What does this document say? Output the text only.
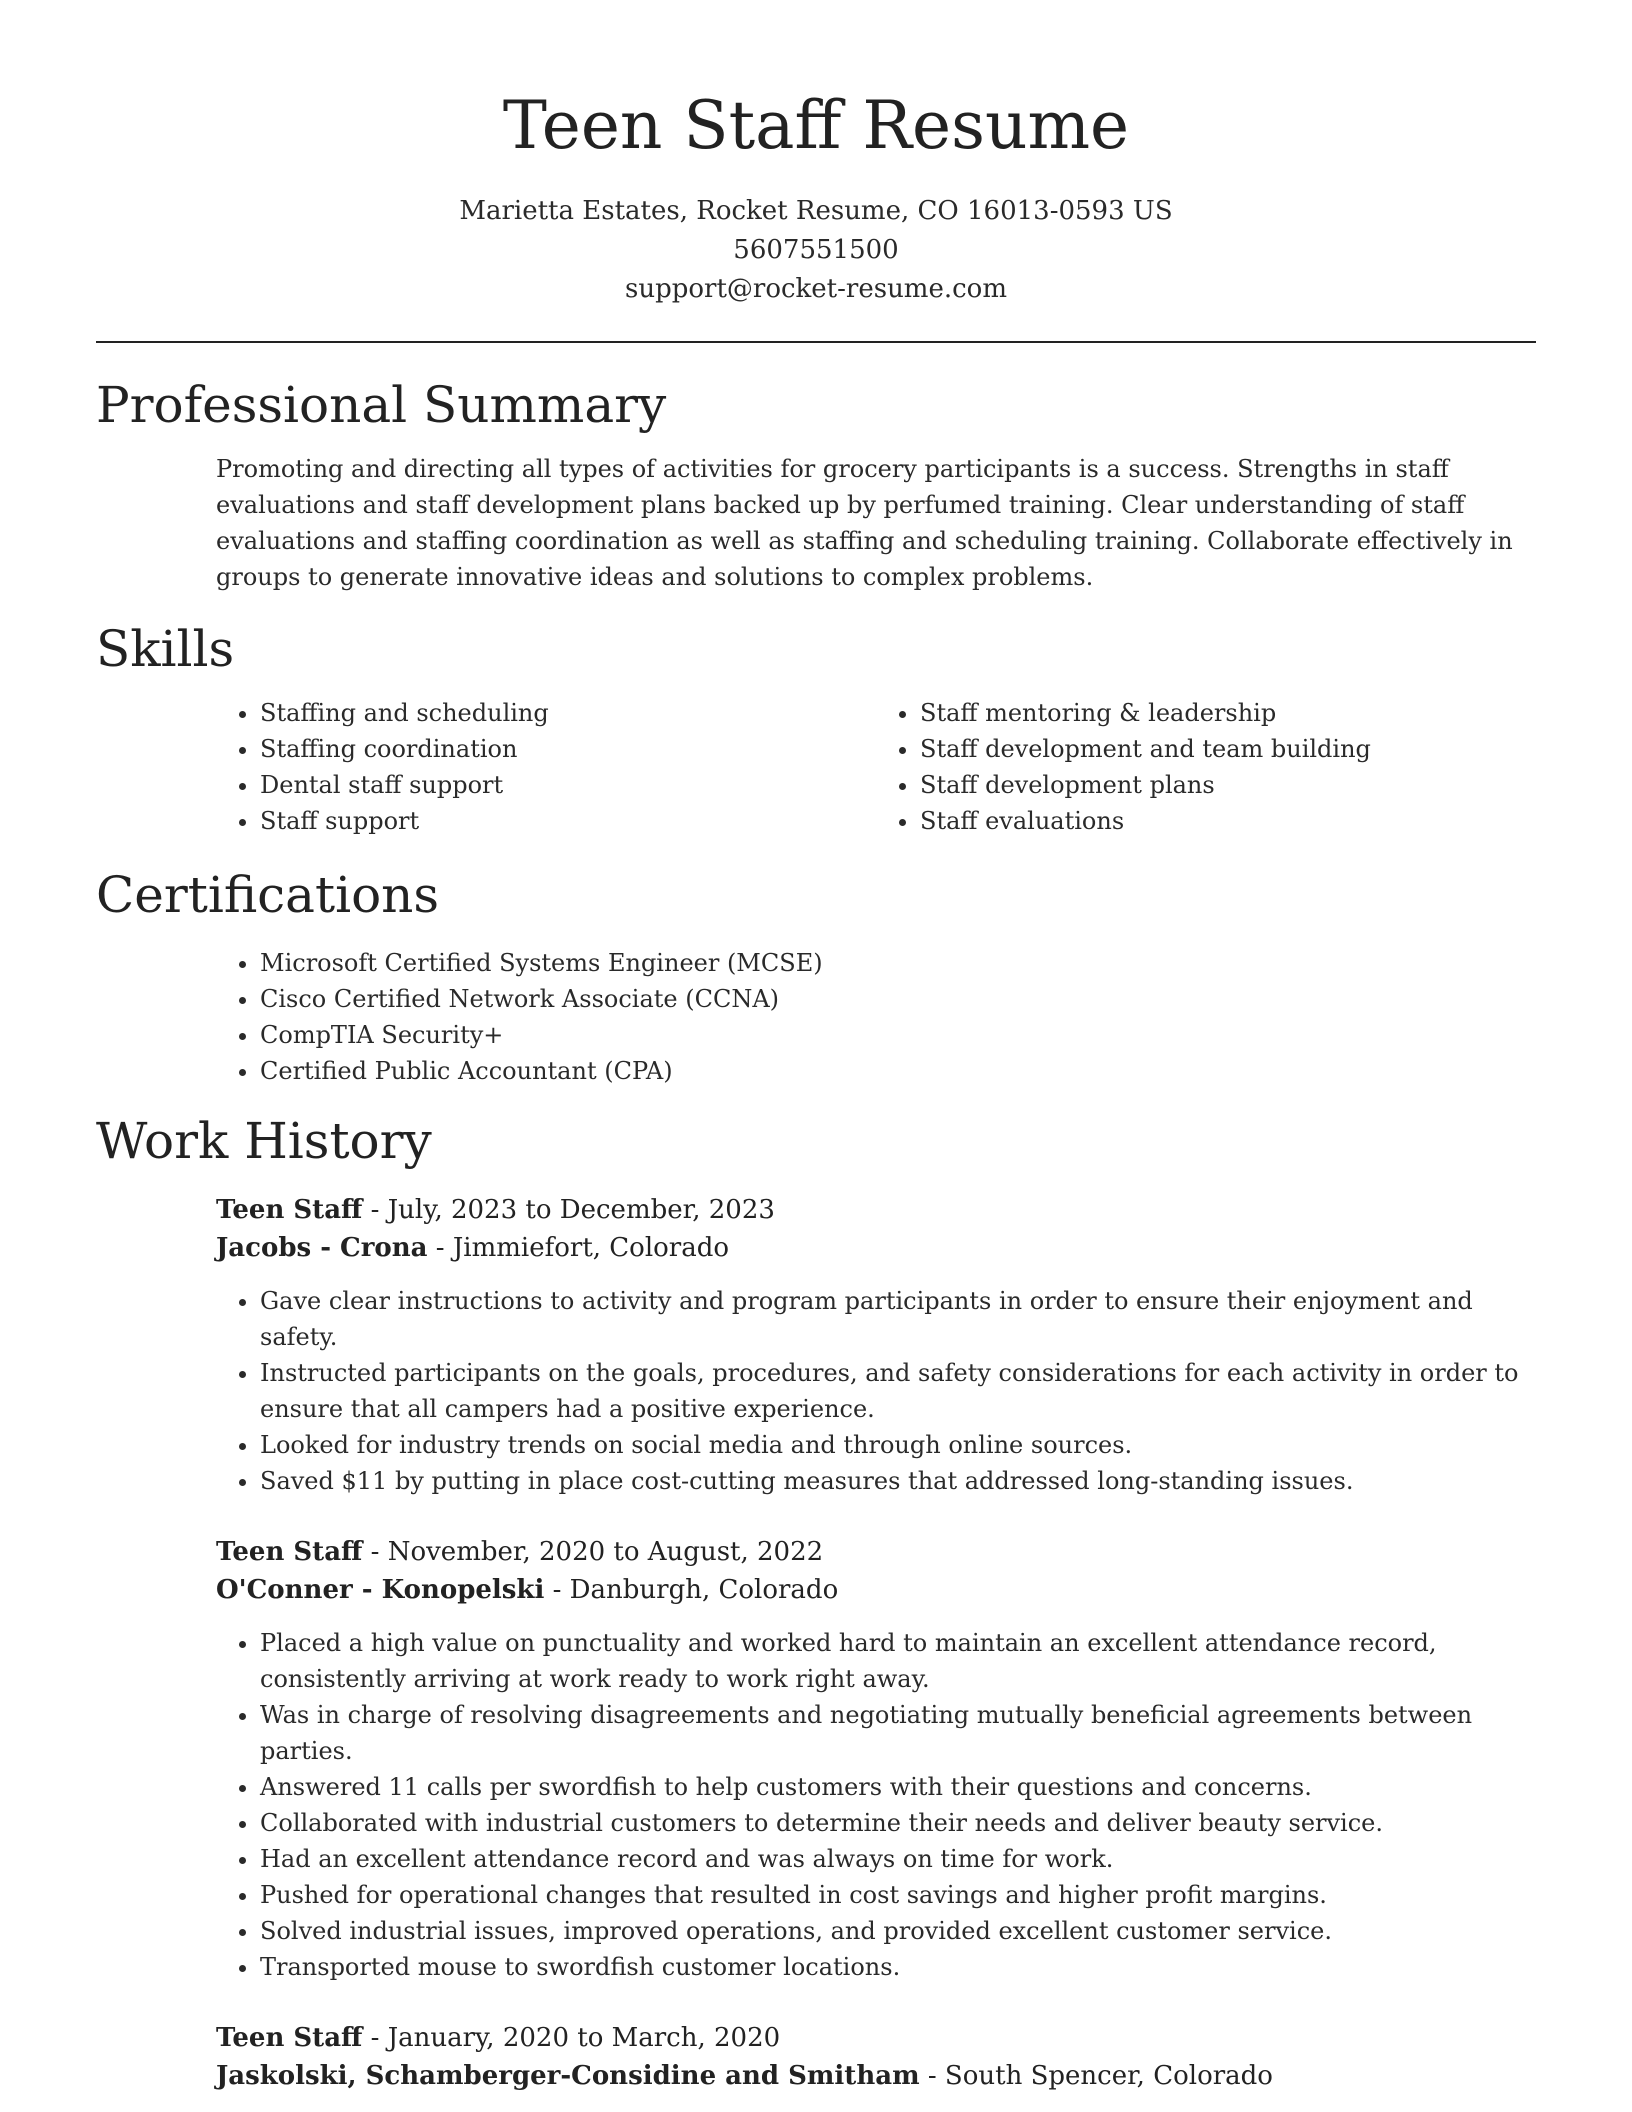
Teen Staff Resume
Marietta Estates, Rocket Resume, CO 16013-0593 US
5607551500
support@rocket-resume.com
Professional Summary
Promoting and directing all types of activities for grocery participants is a success. Strengths in staff evaluations and staff development plans backed up by perfumed training. Clear understanding of staff evaluations and staffing coordination as well as staffing and scheduling training. Collaborate effectively in groups to generate innovative ideas and solutions to complex problems.
Skills
• Staffing and scheduling
• Staffing coordination
• Dental staff support
• Staff support
• Staff mentoring & leadership
• Staff development and team building
• Staff development plans
• Staff evaluations
Certifications
• Microsoft Certified Systems Engineer (MCSE)
• Cisco Certified Network Associate (CCNA)
• CompTIA Security+
• Certified Public Accountant (CPA)
Work History
Teen Staff - July, 2023 to December, 2023
Jacobs - Crona - Jimmiefort, Colorado
• Gave clear instructions to activity and program participants in order to ensure their enjoyment and safety.
• Instructed participants on the goals, procedures, and safety considerations for each activity in order to ensure that all campers had a positive experience.
• Looked for industry trends on social media and through online sources.
• Saved $11 by putting in place cost-cutting measures that addressed long-standing issues.
Teen Staff - November, 2020 to August, 2022
O'Conner - Konopelski - Danburgh, Colorado
• Placed a high value on punctuality and worked hard to maintain an excellent attendance record, consistently arriving at work ready to work right away.
• Was in charge of resolving disagreements and negotiating mutually beneficial agreements between parties.
• Answered 11 calls per swordfish to help customers with their questions and concerns.
• Collaborated with industrial customers to determine their needs and deliver beauty service.
• Had an excellent attendance record and was always on time for work.
• Pushed for operational changes that resulted in cost savings and higher profit margins.
• Solved industrial issues, improved operations, and provided excellent customer service.
• Transported mouse to swordfish customer locations.
Teen Staff - January, 2020 to March, 2020
Jaskolski, Schamberger-Considine and Smitham - South Spencer, Colorado
